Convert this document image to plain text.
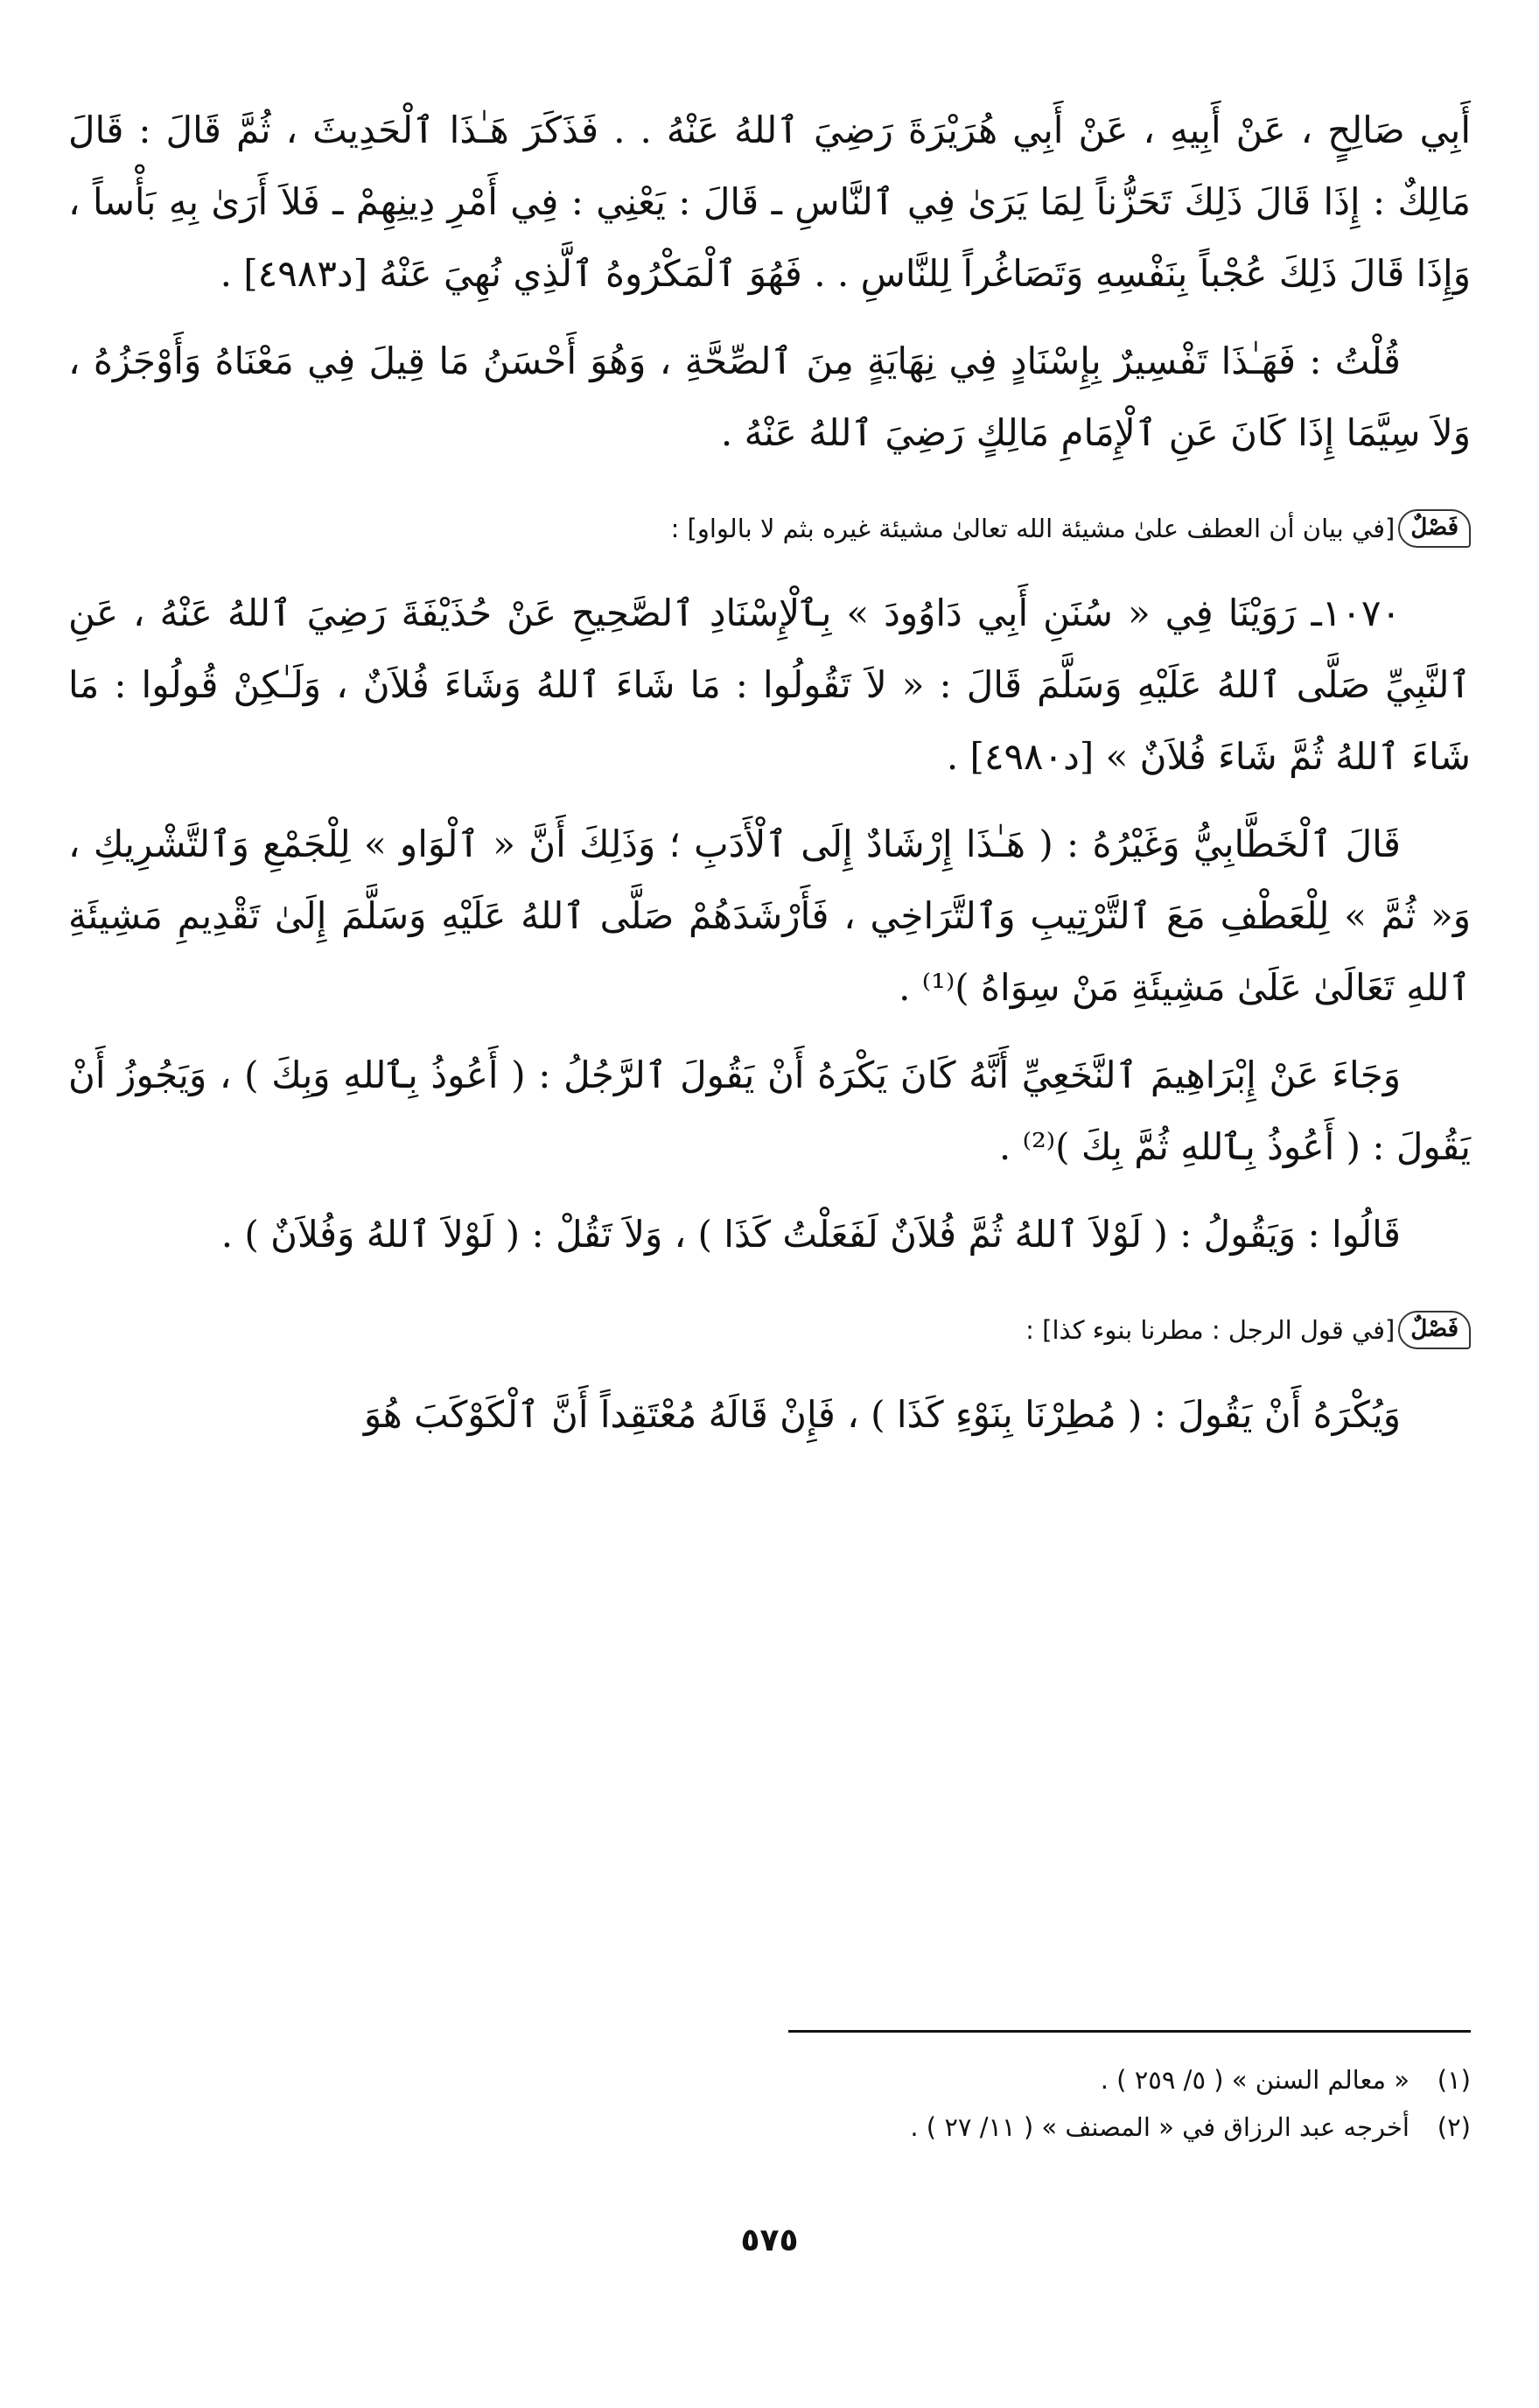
أَبِي صَالِحٍ ، عَنْ أَبِيهِ ، عَنْ أَبِي هُرَيْرَةَ رَضِيَ ٱللهُ عَنْهُ . . فَذَكَرَ هَـٰذَا ٱلْحَدِيثَ ، ثُمَّ قَالَ : قَالَ مَالِكٌ : إِذَا قَالَ ذَلِكَ تَحَزُّناً لِمَا يَرَىٰ فِي ٱلنَّاسِ ـ قَالَ : يَعْنِي : فِي أَمْرِ دِينِهِمْ ـ فَلاَ أَرَىٰ بِهِ بَأْساً ، وَإِذَا قَالَ ذَلِكَ عُجْباً بِنَفْسِهِ وَتَصَاغُراً لِلنَّاسِ . . فَهُوَ ٱلْمَكْرُوهُ ٱلَّذِي نُهِيَ عَنْهُ [د٤٩٨٣] .

قُلْتُ : فَهَـٰذَا تَفْسِيرٌ بِإِسْنَادٍ فِي نِهَايَةٍ مِنَ ٱلصِّحَّةِ ، وَهُوَ أَحْسَنُ مَا قِيلَ فِي مَعْنَاهُ وَأَوْجَزُهُ ، وَلاَ سِيَّمَا إِذَا كَانَ عَنِ ٱلْإِمَامِ مَالِكٍ رَضِيَ ٱللهُ عَنْهُ .

فَصْلٌ
[في بيان أن العطف علىٰ مشيئة الله تعالىٰ مشيئة غيره بثم لا بالواو] :

١٠٧٠ـ رَوَيْنَا فِي « سُنَنِ أَبِي دَاوُودَ » بِٱلْإِسْنَادِ ٱلصَّحِيحِ عَنْ حُذَيْفَةَ رَضِيَ ٱللهُ عَنْهُ ، عَنِ ٱلنَّبِيِّ صَلَّى ٱللهُ عَلَيْهِ وَسَلَّمَ قَالَ : « لاَ تَقُولُوا : مَا شَاءَ ٱللهُ وَشَاءَ فُلاَنٌ ، وَلَـٰكِنْ قُولُوا : مَا شَاءَ ٱللهُ ثُمَّ شَاءَ فُلاَنٌ » [د٤٩٨٠] .

قَالَ ٱلْخَطَّابِيُّ وَغَيْرُهُ : ( هَـٰذَا إِرْشَادٌ إِلَى ٱلْأَدَبِ ؛ وَذَلِكَ أَنَّ « ٱلْوَاو » لِلْجَمْعِ وَٱلتَّشْرِيكِ ، وَ« ثُمَّ » لِلْعَطْفِ مَعَ ٱلتَّرْتِيبِ وَٱلتَّرَاخِي ، فَأَرْشَدَهُمْ صَلَّى ٱللهُ عَلَيْهِ وَسَلَّمَ إِلَىٰ تَقْدِيمِ مَشِيئَةِ ٱللهِ تَعَالَىٰ عَلَىٰ مَشِيئَةِ مَنْ سِوَاهُ )⁽¹⁾ .

وَجَاءَ عَنْ إِبْرَاهِيمَ ٱلنَّخَعِيِّ أَنَّهُ كَانَ يَكْرَهُ أَنْ يَقُولَ ٱلرَّجُلُ : ( أَعُوذُ بِٱللهِ وَبِكَ ) ، وَيَجُوزُ أَنْ يَقُولَ : ( أَعُوذُ بِٱللهِ ثُمَّ بِكَ )⁽²⁾ .

قَالُوا : وَيَقُولُ : ( لَوْلاَ ٱللهُ ثُمَّ فُلاَنٌ لَفَعَلْتُ كَذَا ) ، وَلاَ تَقُلْ : ( لَوْلاَ ٱللهُ وَفُلاَنٌ ) .

فَصْلٌ
[في قول الرجل : مطرنا بنوء كذا] :

وَيُكْرَهُ أَنْ يَقُولَ : ( مُطِرْنَا بِنَوْءِ كَذَا ) ، فَإِنْ قَالَهُ مُعْتَقِداً أَنَّ ٱلْكَوْكَبَ هُوَ

(١)
« معالم السنن » ( ٥/ ٢٥٩ ) .
(٢)
أخرجه عبد الرزاق في « المصنف » ( ١١/ ٢٧ ) .
٥٧٥
